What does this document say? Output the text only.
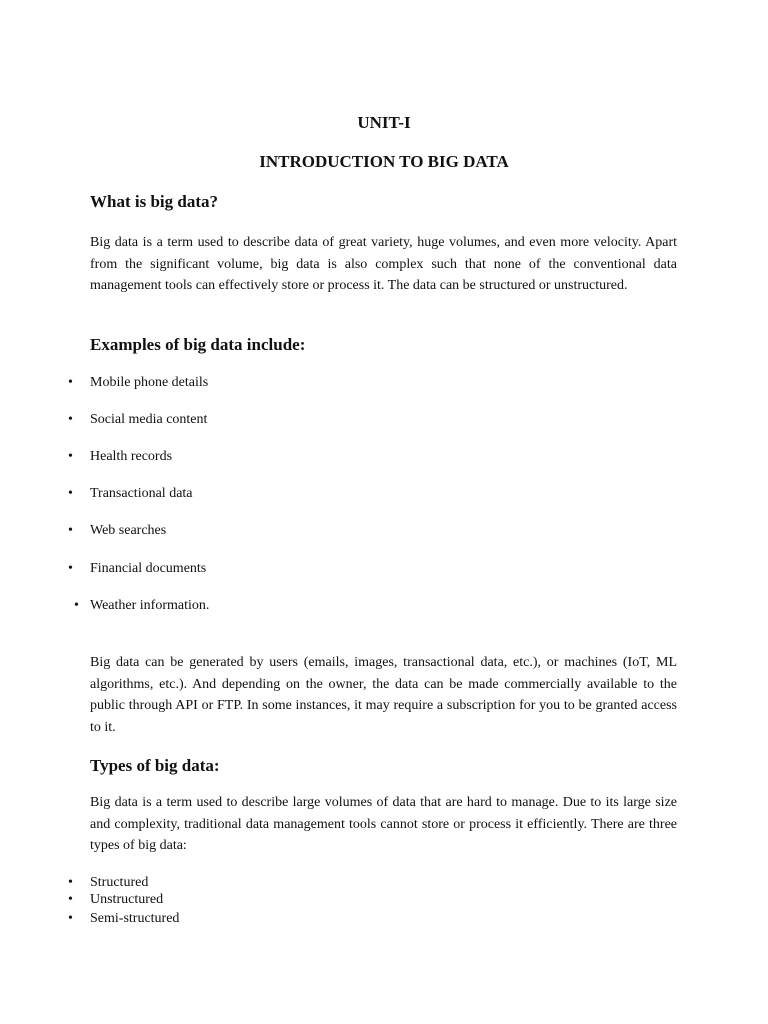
UNIT-I
INTRODUCTION TO BIG DATA
What is big data?

Big data is a term used to describe data of great variety, huge volumes, and even more velocity. Apart from the significant volume, big data is also complex such that none of the conventional data management tools can effectively store or process it. The data can be structured or unstructured.

Examples of big data include:
• Mobile phone details
• Social media content
• Health records
• Transactional data
• Web searches
• Financial documents
• Weather information.

Big data can be generated by users (emails, images, transactional data, etc.), or machines (IoT, ML algorithms, etc.). And depending on the owner, the data can be made commercially available to the public through API or FTP. In some instances, it may require a subscription for you to be granted access to it.

Types of big data:

Big data is a term used to describe large volumes of data that are hard to manage. Due to its large size and complexity, traditional data management tools cannot store or process it efficiently. There are three types of big data:

• Structured
• Unstructured
• Semi-structured
